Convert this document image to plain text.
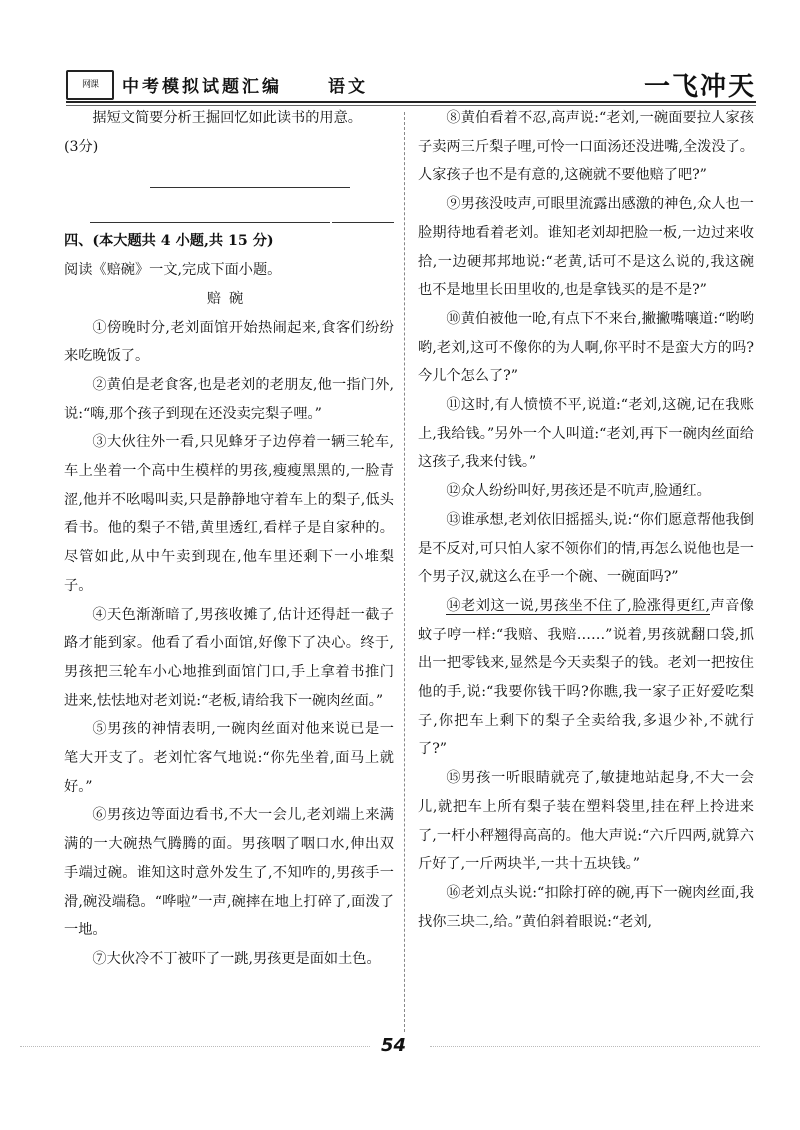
网课	中考模拟试题汇编	语文	一飞冲天

据短文简要分析王掘回忆如此读书的用意。

(3分)

四、(本大题共 4 小题,共 15 分)

阅读《赔碗》一文,完成下面小题。

赔碗

①傍晚时分,老刘面馆开始热闹起来,食客们纷纷来吃晚饭了。

②黄伯是老食客,也是老刘的老朋友,他一指门外,说:“嗨,那个孩子到现在还没卖完梨子哩。”

③大伙往外一看,只见蜂牙子边停着一辆三轮车,车上坐着一个高中生模样的男孩,瘦瘦黑黑的,一脸青涩,他并不吆喝叫卖,只是静静地守着车上的梨子,低头看书。他的梨子不错,黄里透红,看样子是自家种的。尽管如此,从中午卖到现在,他车里还剩下一小堆梨子。

④天色渐渐暗了,男孩收摊了,估计还得赶一截子路才能到家。他看了看小面馆,好像下了决心。终于,男孩把三轮车小心地推到面馆门口,手上拿着书推门进来,怯怯地对老刘说:“老板,请给我下一碗肉丝面。”

⑤男孩的神情表明,一碗肉丝面对他来说已是一笔大开支了。老刘忙客气地说:“你先坐着,面马上就好。”

⑥男孩边等面边看书,不大一会儿,老刘端上来满满的一大碗热气腾腾的面。男孩咽了咽口水,伸出双手端过碗。谁知这时意外发生了,不知咋的,男孩手一滑,碗没端稳。“哗啦”一声,碗摔在地上打碎了,面泼了一地。

⑦大伙冷不丁被吓了一跳,男孩更是面如土色。

⑧黄伯看着不忍,高声说:“老刘,一碗面要拉人家孩子卖两三斤梨子哩,可怜一口面汤还没进嘴,全泼没了。人家孩子也不是有意的,这碗就不要他赔了吧?”

⑨男孩没吱声,可眼里流露出感激的神色,众人也一脸期待地看着老刘。谁知老刘却把脸一板,一边过来收拾,一边硬邦邦地说:“老黄,话可不是这么说的,我这碗也不是地里长田里收的,也是拿钱买的是不是?”

⑩黄伯被他一呛,有点下不来台,撇撇嘴嚷道:“哟哟哟,老刘,这可不像你的为人啊,你平时不是蛮大方的吗?今儿个怎么了?”

⑪这时,有人愤愤不平,说道:“老刘,这碗,记在我账上,我给钱。”另外一个人叫道:“老刘,再下一碗肉丝面给这孩子,我来付钱。”

⑫众人纷纷叫好,男孩还是不吭声,脸通红。

⑬谁承想,老刘依旧摇摇头,说:“你们愿意帮他我倒是不反对,可只怕人家不领你们的情,再怎么说他也是一个男子汉,就这么在乎一个碗、一碗面吗?”

⑭老刘这一说,男孩坐不住了,脸涨得更红,声音像蚊子哼一样:“我赔、我赔……”说着,男孩就翻口袋,抓出一把零钱来,显然是今天卖梨子的钱。老刘一把按住他的手,说:“我要你钱干吗?你瞧,我一家子正好爱吃梨子,你把车上剩下的梨子全卖给我,多退少补,不就行了?”

⑮男孩一听眼睛就亮了,敏捷地站起身,不大一会儿,就把车上所有梨子装在塑料袋里,挂在秤上拎进来了,一杆小秤翘得高高的。他大声说:“六斤四两,就算六斤好了,一斤两块半,一共十五块钱。”

⑯老刘点头说:“扣除打碎的碗,再下一碗肉丝面,我找你三块二,给。”黄伯斜着眼说:“老刘,

54
